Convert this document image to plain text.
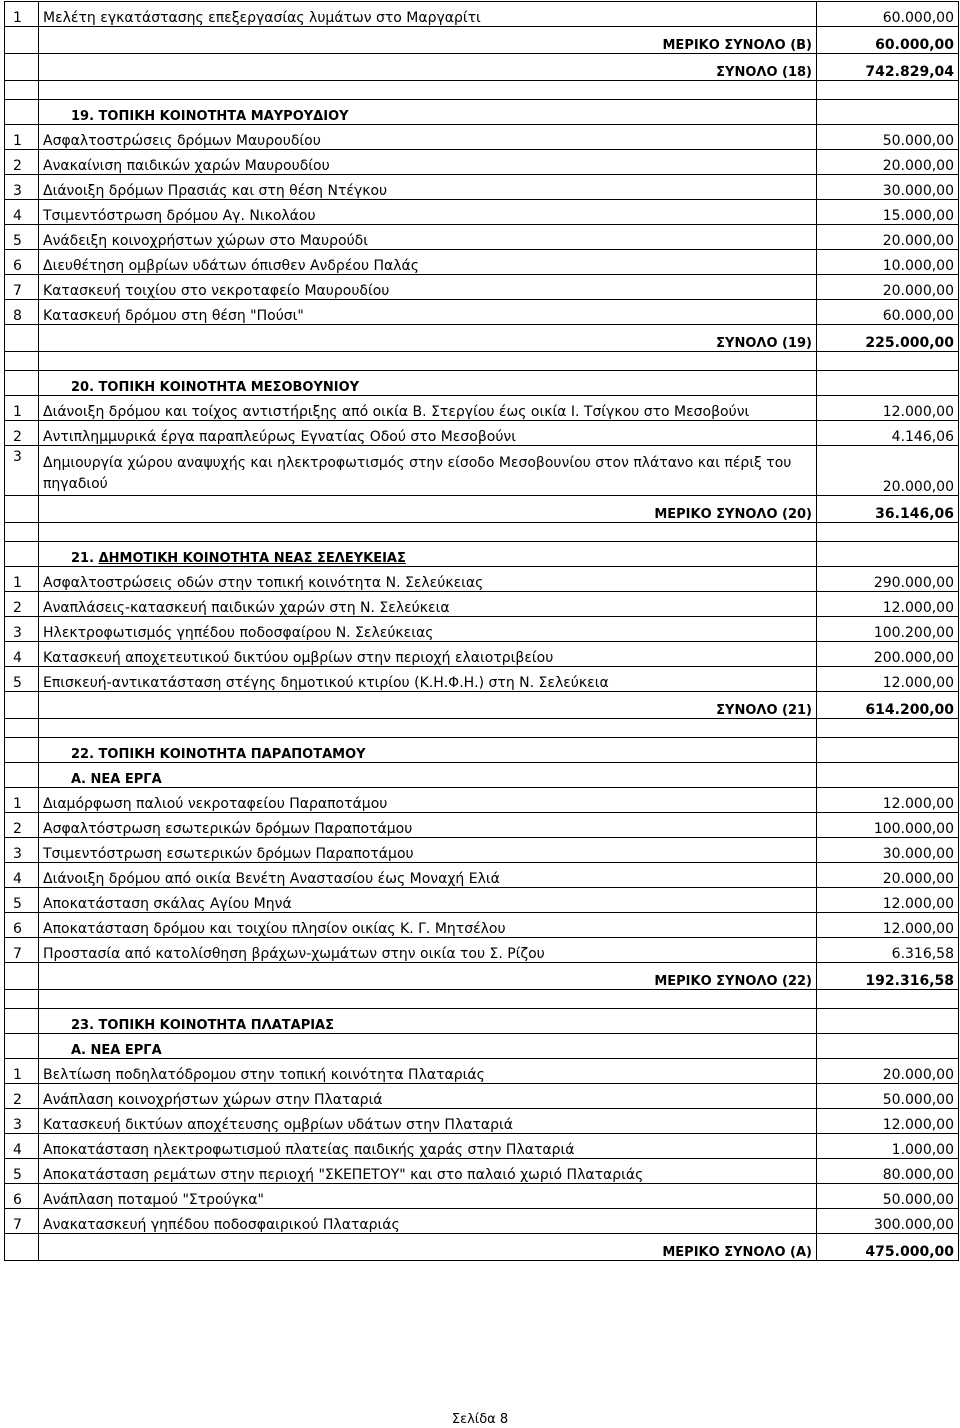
1	Μελέτη εγκατάστασης επεξεργασίας λυμάτων στο Μαργαρίτι	60.000,00
	ΜΕΡΙΚΟ ΣΥΝΟΛΟ (Β)	60.000,00
	ΣΥΝΟΛΟ (18)	742.829,04

	19. ΤΟΠΙΚΗ ΚΟΙΝΟΤΗΤΑ ΜΑΥΡΟΥΔΙΟΥ	
1	Ασφαλτοστρώσεις δρόμων Μαυρουδίου	50.000,00
2	Ανακαίνιση παιδικών χαρών Μαυρουδίου	20.000,00
3	Διάνοιξη δρόμων Πρασιάς και στη θέση Ντέγκου	30.000,00
4	Τσιμεντόστρωση δρόμου Αγ. Νικολάου	15.000,00
5	Ανάδειξη κοινοχρήστων χώρων στο Μαυρούδι	20.000,00
6	Διευθέτηση ομβρίων υδάτων όπισθεν Ανδρέου Παλάς	10.000,00
7	Κατασκευή τοιχίου στο νεκροταφείο Μαυρουδίου	20.000,00
8	Κατασκευή δρόμου στη θέση "Πούσι"	60.000,00
	ΣΥΝΟΛΟ (19)	225.000,00

	20. ΤΟΠΙΚΗ ΚΟΙΝΟΤΗΤΑ ΜΕΣΟΒΟΥΝΙΟΥ	
1	Διάνοιξη δρόμου και τοίχος αντιστήριξης από οικία Β. Στεργίου έως οικία Ι. Τσίγκου στο Μεσοβούνι	12.000,00
2	Αντιπλημμυρικά έργα παραπλεύρως Εγνατίας Οδού στο Μεσοβούνι	4.146,06
3	Δημιουργία χώρου αναψυχής και ηλεκτροφωτισμός στην είσοδο Μεσοβουνίου στον πλάτανο και πέριξ του πηγαδιού	20.000,00
	ΜΕΡΙΚΟ ΣΥΝΟΛΟ (20)	36.146,06

	21. ΔΗΜΟΤΙΚΗ ΚΟΙΝΟΤΗΤΑ ΝΕΑΣ ΣΕΛΕΥΚΕΙΑΣ	
1	Ασφαλτοστρώσεις οδών στην τοπική κοινότητα Ν. Σελεύκειας	290.000,00
2	Αναπλάσεις-κατασκευή παιδικών χαρών στη Ν. Σελεύκεια	12.000,00
3	Ηλεκτροφωτισμός γηπέδου ποδοσφαίρου Ν. Σελεύκειας	100.200,00
4	Κατασκευή αποχετευτικού δικτύου ομβρίων στην περιοχή ελαιοτριβείου	200.000,00
5	Επισκευή-αντικατάσταση στέγης δημοτικού κτιρίου (Κ.Η.Φ.Η.) στη Ν. Σελεύκεια	12.000,00
	ΣΥΝΟΛΟ (21)	614.200,00

	22. ΤΟΠΙΚΗ ΚΟΙΝΟΤΗΤΑ ΠΑΡΑΠΟΤΑΜΟΥ	
	Α. ΝΕΑ ΕΡΓΑ	
1	Διαμόρφωση παλιού νεκροταφείου Παραποτάμου	12.000,00
2	Ασφαλτόστρωση εσωτερικών δρόμων Παραποτάμου	100.000,00
3	Τσιμεντόστρωση εσωτερικών δρόμων Παραποτάμου	30.000,00
4	Διάνοιξη δρόμου από οικία Βενέτη Αναστασίου έως Μοναχή Ελιά	20.000,00
5	Αποκατάσταση σκάλας Αγίου Μηνά	12.000,00
6	Αποκατάσταση δρόμου και τοιχίου πλησίον οικίας Κ. Γ. Μητσέλου	12.000,00
7	Προστασία από κατολίσθηση βράχων-χωμάτων στην οικία του Σ. Ρίζου	6.316,58
	ΜΕΡΙΚΟ ΣΥΝΟΛΟ (22)	192.316,58

	23. ΤΟΠΙΚΗ ΚΟΙΝΟΤΗΤΑ ΠΛΑΤΑΡΙΑΣ	
	Α. ΝΕΑ ΕΡΓΑ	
1	Βελτίωση ποδηλατόδρομου στην τοπική κοινότητα Πλαταριάς	20.000,00
2	Ανάπλαση κοινοχρήστων χώρων στην Πλαταριά	50.000,00
3	Κατασκευή δικτύων αποχέτευσης ομβρίων υδάτων στην Πλαταριά	12.000,00
4	Αποκατάσταση ηλεκτροφωτισμού πλατείας παιδικής χαράς στην Πλαταριά	1.000,00
5	Αποκατάσταση ρεμάτων στην περιοχή "ΣΚΕΠΕΤΟΥ" και στο παλαιό χωριό Πλαταριάς	80.000,00
6	Ανάπλαση ποταμού "Στρούγκα"	50.000,00
7	Ανακατασκευή γηπέδου ποδοσφαιρικού Πλαταριάς	300.000,00
	ΜΕΡΙΚΟ ΣΥΝΟΛΟ (Α)	475.000,00
Σελίδα 8
